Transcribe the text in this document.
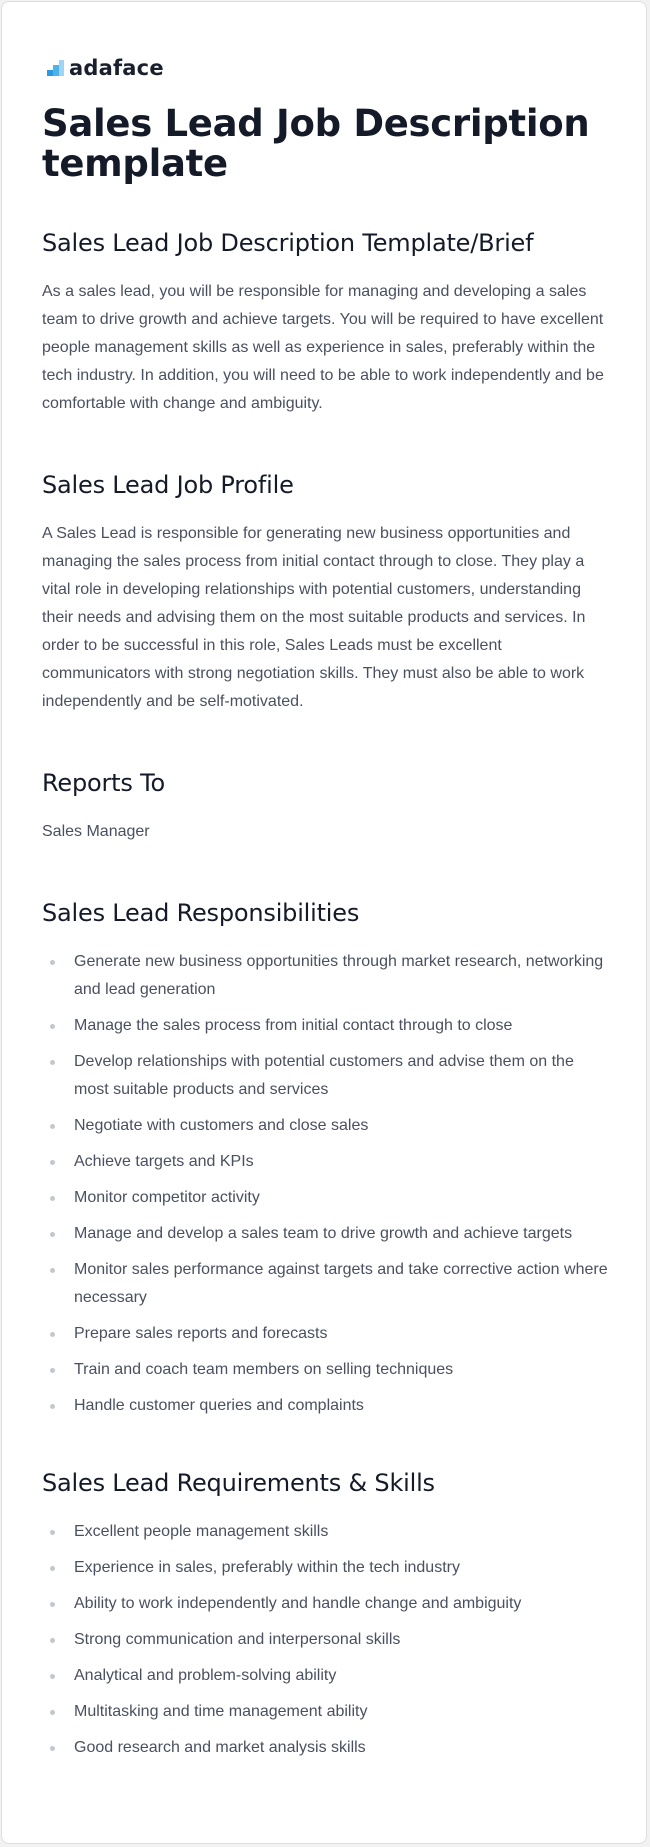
adaface
Sales Lead Job Description template
Sales Lead Job Description Template/Brief

As a sales lead, you will be responsible for managing and developing a sales team to drive growth and achieve targets. You will be required to have excellent people management skills as well as experience in sales, preferably within the tech industry. In addition, you will need to be able to work independently and be comfortable with change and ambiguity.

Sales Lead Job Profile

A Sales Lead is responsible for generating new business opportunities and managing the sales process from initial contact through to close. They play a vital role in developing relationships with potential customers, understanding their needs and advising them on the most suitable products and services. In order to be successful in this role, Sales Leads must be excellent communicators with strong negotiation skills. They must also be able to work independently and be self-motivated.

Reports To

Sales Manager

Sales Lead Responsibilities
Generate new business opportunities through market research, networking and lead generation
Manage the sales process from initial contact through to close
Develop relationships with potential customers and advise them on the most suitable products and services
Negotiate with customers and close sales
Achieve targets and KPIs
Monitor competitor activity
Manage and develop a sales team to drive growth and achieve targets
Monitor sales performance against targets and take corrective action where necessary
Prepare sales reports and forecasts
Train and coach team members on selling techniques
Handle customer queries and complaints
Sales Lead Requirements & Skills
Excellent people management skills
Experience in sales, preferably within the tech industry
Ability to work independently and handle change and ambiguity
Strong communication and interpersonal skills
Analytical and problem-solving ability
Multitasking and time management ability
Good research and market analysis skills
